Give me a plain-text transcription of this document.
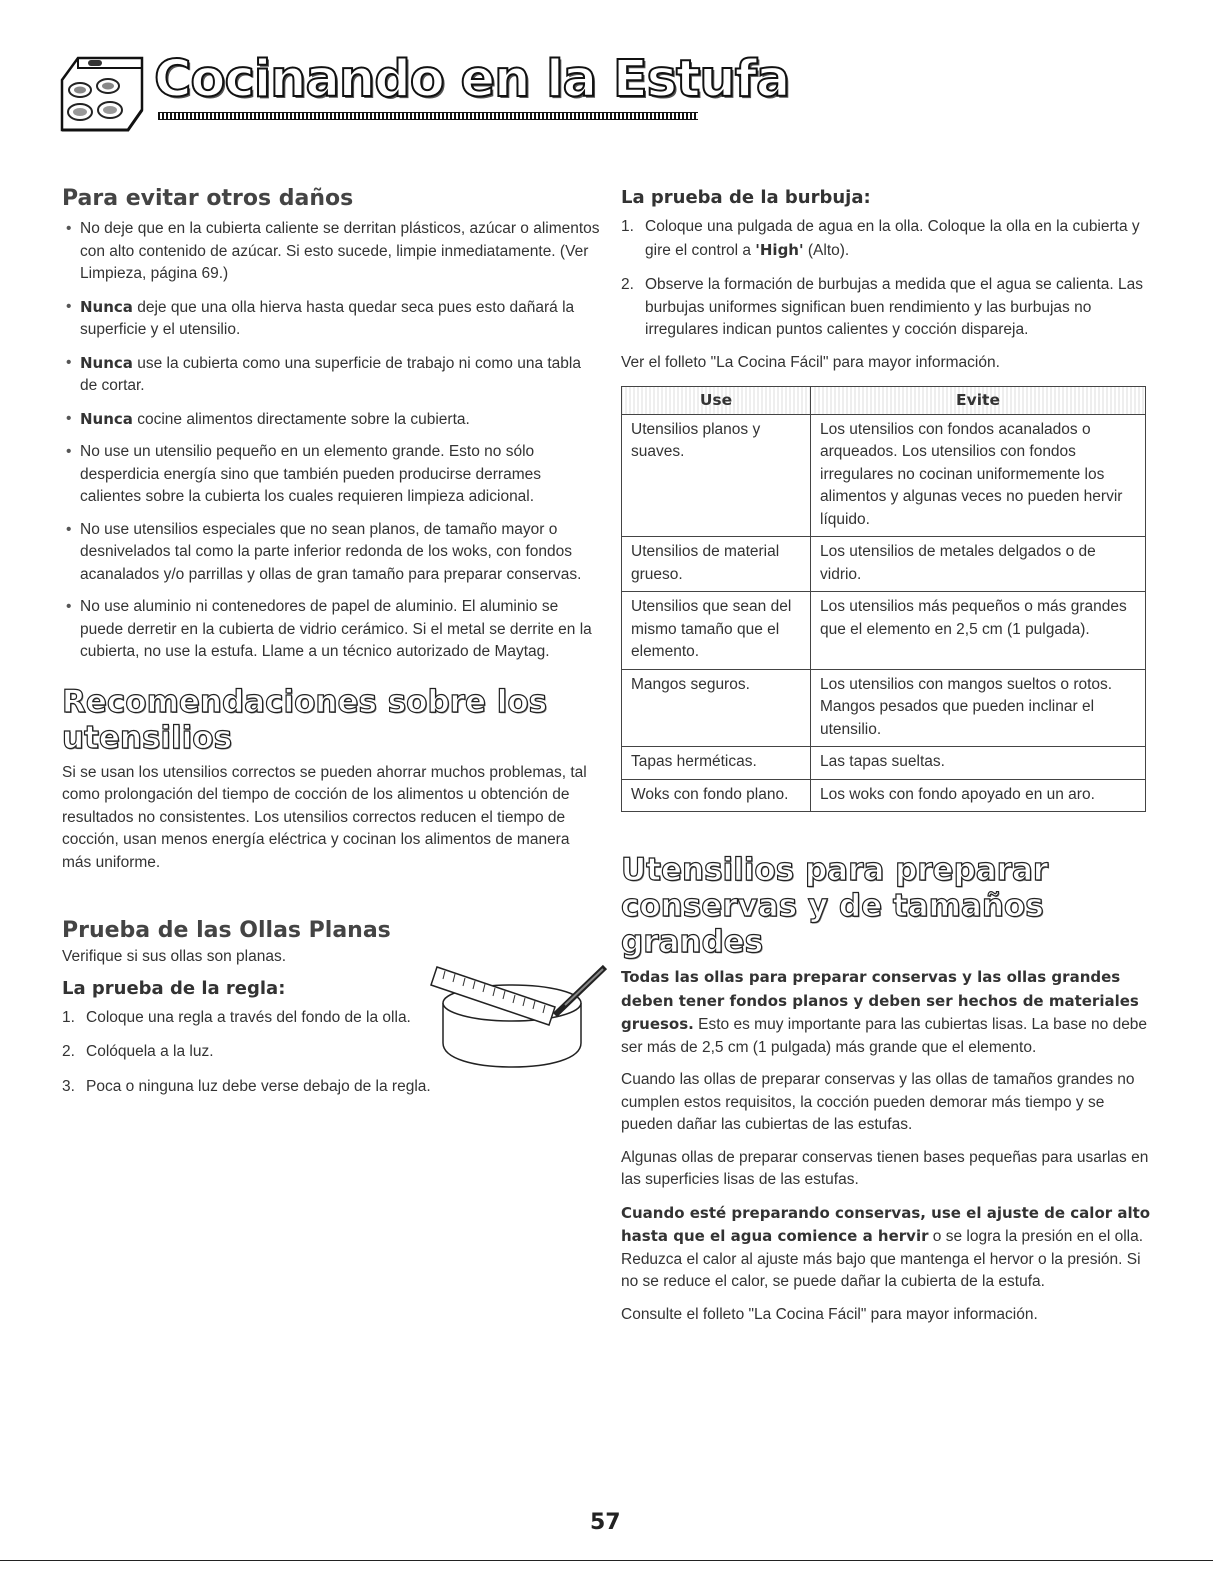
Cocinando en la Estufa
Para evitar otros daños
• No deje que en la cubierta caliente se derritan plásticos, azúcar o alimentos con alto contenido de azúcar. Si esto sucede, limpie inmediatamente. (Ver Limpieza, página 69.)
• Nunca deje que una olla hierva hasta quedar seca pues esto dañará la superficie y el utensilio.
• Nunca use la cubierta como una superficie de trabajo ni como una tabla de cortar.
• Nunca cocine alimentos directamente sobre la cubierta.
• No use un utensilio pequeño en un elemento grande. Esto no sólo desperdicia energía sino que también pueden producirse derrames calientes sobre la cubierta los cuales requieren limpieza adicional.
• No use utensilios especiales que no sean planos, de tamaño mayor o desnivelados tal como la parte inferior redonda de los woks, con fondos acanalados y/o parrillas y ollas de gran tamaño para preparar conservas.
• No use aluminio ni contenedores de papel de aluminio. El aluminio se puede derretir en la cubierta de vidrio cerámico. Si el metal se derrite en la cubierta, no use la estufa. Llame a un técnico autorizado de Maytag.
Recomendaciones sobre los utensilios

Si se usan los utensilios correctos se pueden ahorrar muchos problemas, tal como prolongación del tiempo de cocción de los alimentos u obtención de resultados no consistentes. Los utensilios correctos reducen el tiempo de cocción, usan menos energía eléctrica y cocinan los alimentos de manera más uniforme.

Prueba de las Ollas Planas

Verifique si sus ollas son planas.

La prueba de la regla:
1. Coloque una regla a través del fondo de la olla.
2. Colóquela a la luz.
3. Poca o ninguna luz debe verse debajo de la regla.
La prueba de la burbuja:
1. Coloque una pulgada de agua en la olla. Coloque la olla en la cubierta y gire el control a 'High' (Alto).
2. Observe la formación de burbujas a medida que el agua se calienta. Las burbujas uniformes significan buen rendimiento y las burbujas no irregulares indican puntos calientes y cocción dispareja.

Ver el folleto "La Cocina Fácil" para mayor información.

Use	Evite
Utensilios planos y suaves.	Los utensilios con fondos acanalados o arqueados. Los utensilios con fondos irregulares no cocinan uniformemente los alimentos y algunas veces no pueden hervir líquido.
Utensilios de material grueso.	Los utensilios de metales delgados o de vidrio.
Utensilios que sean del mismo tamaño que el elemento.	Los utensilios más pequeños o más grandes que el elemento en 2,5 cm (1 pulgada).
Mangos seguros.	Los utensilios con mangos sueltos o rotos. Mangos pesados que pueden inclinar el utensilio.
Tapas herméticas.	Las tapas sueltas.
Woks con fondo plano.	Los woks con fondo apoyado en un aro.
Utensilios para preparar conservas y de tamaños grandes

Todas las ollas para preparar conservas y las ollas grandes deben tener fondos planos y deben ser hechos de materiales gruesos. Esto es muy importante para las cubiertas lisas. La base no debe ser más de 2,5 cm (1 pulgada) más grande que el elemento.

Cuando las ollas de preparar conservas y las ollas de tamaños grandes no cumplen estos requisitos, la cocción pueden demorar más tiempo y se pueden dañar las cubiertas de las estufas.

Algunas ollas de preparar conservas tienen bases pequeñas para usarlas en las superficies lisas de las estufas.

Cuando esté preparando conservas, use el ajuste de calor alto hasta que el agua comience a hervir o se logra la presión en el olla. Reduzca el calor al ajuste más bajo que mantenga el hervor o la presión. Si no se reduce el calor, se puede dañar la cubierta de la estufa.

Consulte el folleto "La Cocina Fácil" para mayor información.

57
